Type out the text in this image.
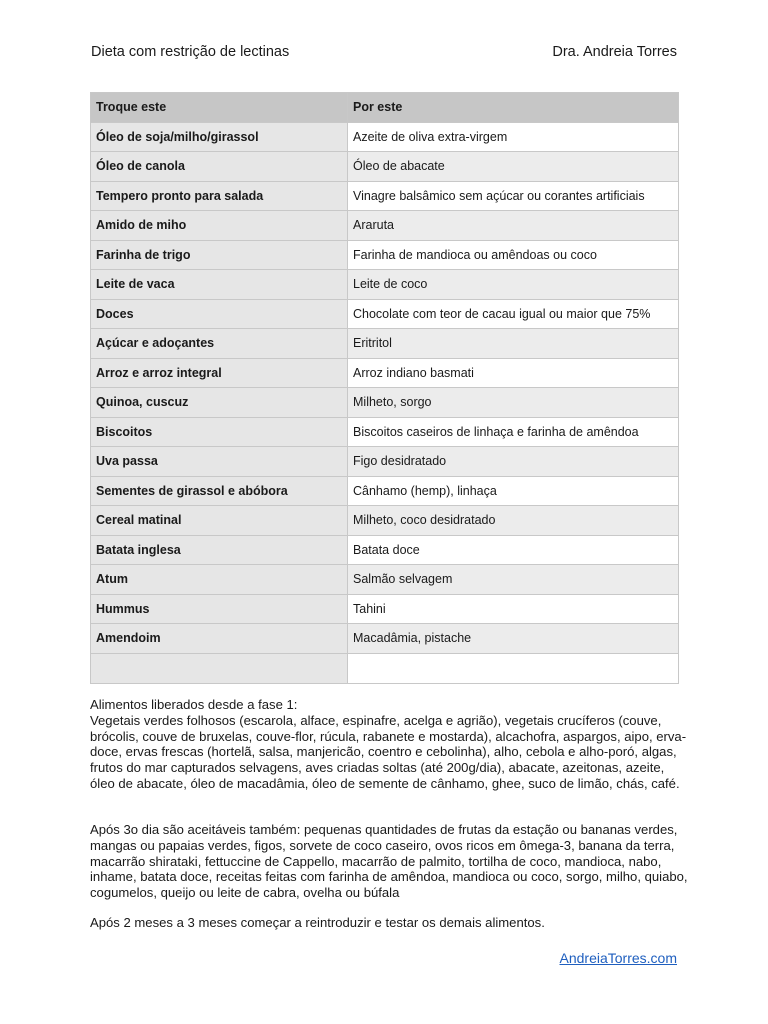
Dieta com restrição de lectinas	Dra. Andreia Torres
Troque este	Por este
Óleo de soja/milho/girassol	Azeite de oliva extra-virgem
Óleo de canola	Óleo de abacate
Tempero pronto para salada	Vinagre balsâmico sem açúcar ou corantes artificiais
Amido de miho	Araruta
Farinha de trigo	Farinha de mandioca ou amêndoas ou coco
Leite de vaca	Leite de coco
Doces	Chocolate com teor de cacau igual ou maior que 75%
Açúcar e adoçantes	Eritritol
Arroz e arroz integral	Arroz indiano basmati
Quinoa, cuscuz	Milheto, sorgo
Biscoitos	Biscoitos caseiros de linhaça e farinha de amêndoa
Uva passa	Figo desidratado
Sementes de girassol e abóbora	Cânhamo (hemp), linhaça
Cereal matinal	Milheto, coco desidratado
Batata inglesa	Batata doce
Atum	Salmão selvagem
Hummus	Tahini
Amendoim	Macadâmia, pistache

Alimentos liberados desde a fase 1:

Vegetais verdes folhosos (escarola, alface, espinafre, acelga e agrião), vegetais crucíferos (couve, brócolis, couve de bruxelas, couve-flor, rúcula, rabanete e mostarda), alcachofra, aspargos, aipo, erva-doce, ervas frescas (hortelã, salsa, manjericão, coentro e cebolinha), alho, cebola e alho-poró, algas, frutos do mar capturados selvagens, aves criadas soltas (até 200g/dia), abacate, azeitonas, azeite, óleo de abacate, óleo de macadâmia, óleo de semente de cânhamo, ghee, suco de limão, chás, café.

Após 3o dia são aceitáveis também: pequenas quantidades de frutas da estação ou bananas verdes, mangas ou papaias verdes, figos, sorvete de coco caseiro, ovos ricos em ômega-3, banana da terra, macarrão shirataki, fettuccine de Cappello, macarrão de palmito, tortilha de coco, mandioca, nabo, inhame, batata doce, receitas feitas com farinha de amêndoa, mandioca ou coco, sorgo, milho, quiabo, cogumelos, queijo ou leite de cabra, ovelha ou búfala

Após 2 meses a 3 meses começar a reintroduzir e testar os demais alimentos.

AndreiaTorres.com
